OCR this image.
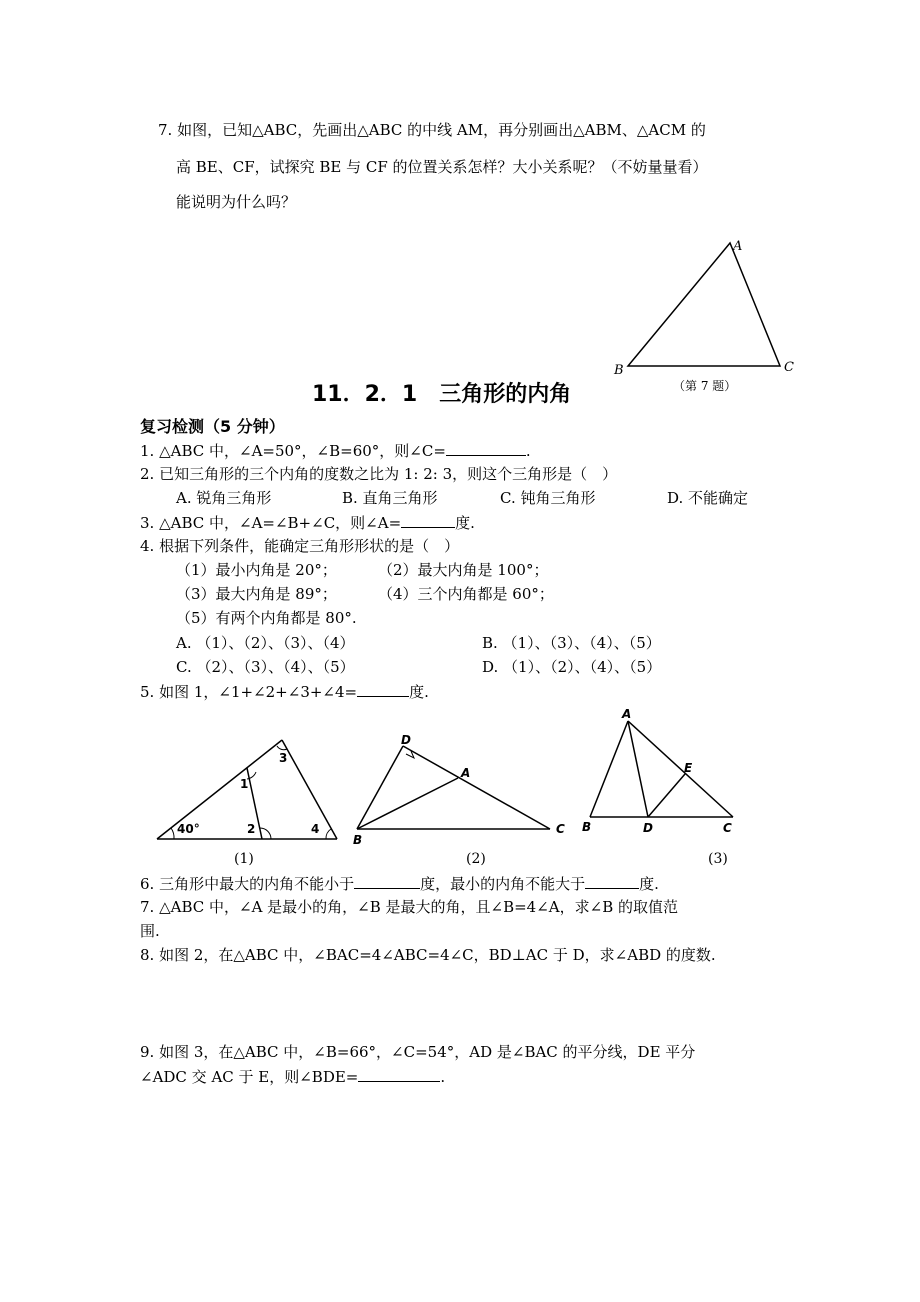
7. 如图，已知△ABC，先画出△ABC 的中线 AM，再分别画出△ABM、△ACM 的
高 BE、CF，试探究 BE 与 CF 的位置关系怎样？大小关系呢？（不妨量量看）
能说明为什么吗？
A
B	C
（第 7 题）
11．2．1　三角形的内角
复习检测（5 分钟）
1. △ABC 中，∠A=50°，∠B=60°，则∠C=	.
2. 已知三角形的三个内角的度数之比为 1: 2: 3，则这个三角形是（　）
A. 锐角三角形	B. 直角三角形	C. 钝角三角形	D. 不能确定
3. △ABC 中，∠A=∠B+∠C，则∠A=	度.
4. 根据下列条件，能确定三角形形状的是（　）
（1）最小内角是 20°；	（2）最大内角是 100°；
（3）最大内角是 89°；	（4）三个内角都是 60°；
（5）有两个内角都是 80°.
A. （1）、（2）、（3）、（4）	B. （1）、（3）、（4）、（5）
C. （2）、（3）、（4）、（5）	D. （1）、（2）、（4）、（5）
5. 如图 1，∠1+∠2+∠3+∠4=	度.
40°
1
2
3
4
(1)
D
A
B
C
(2)
A
E
B	D	C
(3)
6. 三角形中最大的内角不能小于	度，最小的内角不能大于	度.
7. △ABC 中，∠A 是最小的角，∠B 是最大的角，且∠B=4∠A，求∠B 的取值范
围.
8. 如图 2，在△ABC 中，∠BAC=4∠ABC=4∠C，BD⊥AC 于 D，求∠ABD 的度数.
9. 如图 3，在△ABC 中，∠B=66°，∠C=54°，AD 是∠BAC 的平分线，DE 平分
∠ADC 交 AC 于 E，则∠BDE=	.
